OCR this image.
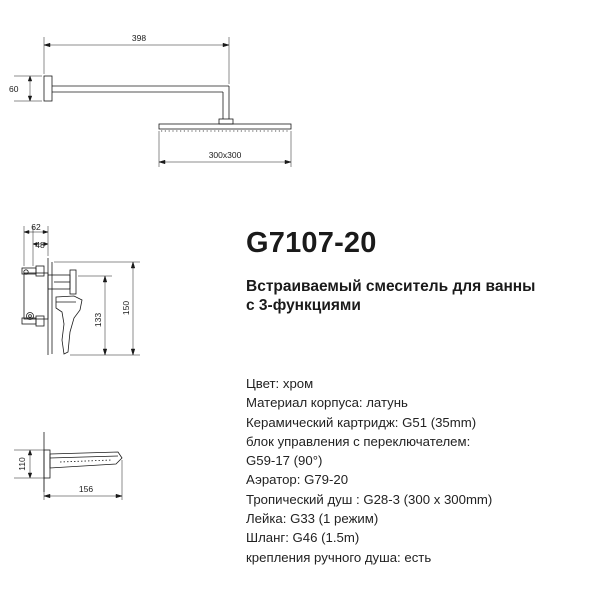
398
60
300x300
62
48
150
133
110
156
G7107-20
Встраиваемый смеситель для ванны
с 3-функциями
Цвет: хром
Материал корпуса: латунь
Керамический картридж: G51 (35mm)
блок управления с переключателем:
G59-17 (90°)
Аэратор: G79-20
Тропический душ : G28-3 (300 х 300mm)
Лейка: G33 (1 режим)
Шланг: G46 (1.5m)
крепления ручного душа: есть
